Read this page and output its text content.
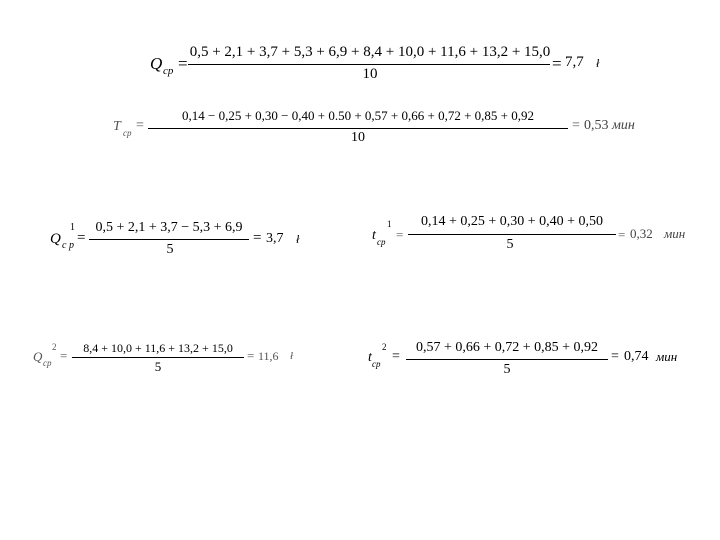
Q ср =
0,5 + 2,1 + 3,7 + 5,3 + 6,9 + 8,4 + 10,0 + 11,6 + 13,2 + 15,0
10
= 7,7 ł
T ср =
0,14 − 0,25 + 0,30 − 0,40 + 0.50 + 0,57 + 0,66 + 0,72 + 0,85 + 0,92
10
= 0,53 мин
Q с р
1
=
0,5 + 2,1 + 3,7 − 5,3 + 6,9
5
= 3,7 ł	t ср
1
=
0,14 + 0,25 + 0,30 + 0,40 + 0,50
5
= 0,32 мин
Q ср
2
=	8,4 + 10,0 + 11,6 + 13,2 + 15,0
5
= 11,6 ł	t ср
2
=
0,57 + 0,66 + 0,72 + 0,85 + 0,92
5
= 0,74 мин
